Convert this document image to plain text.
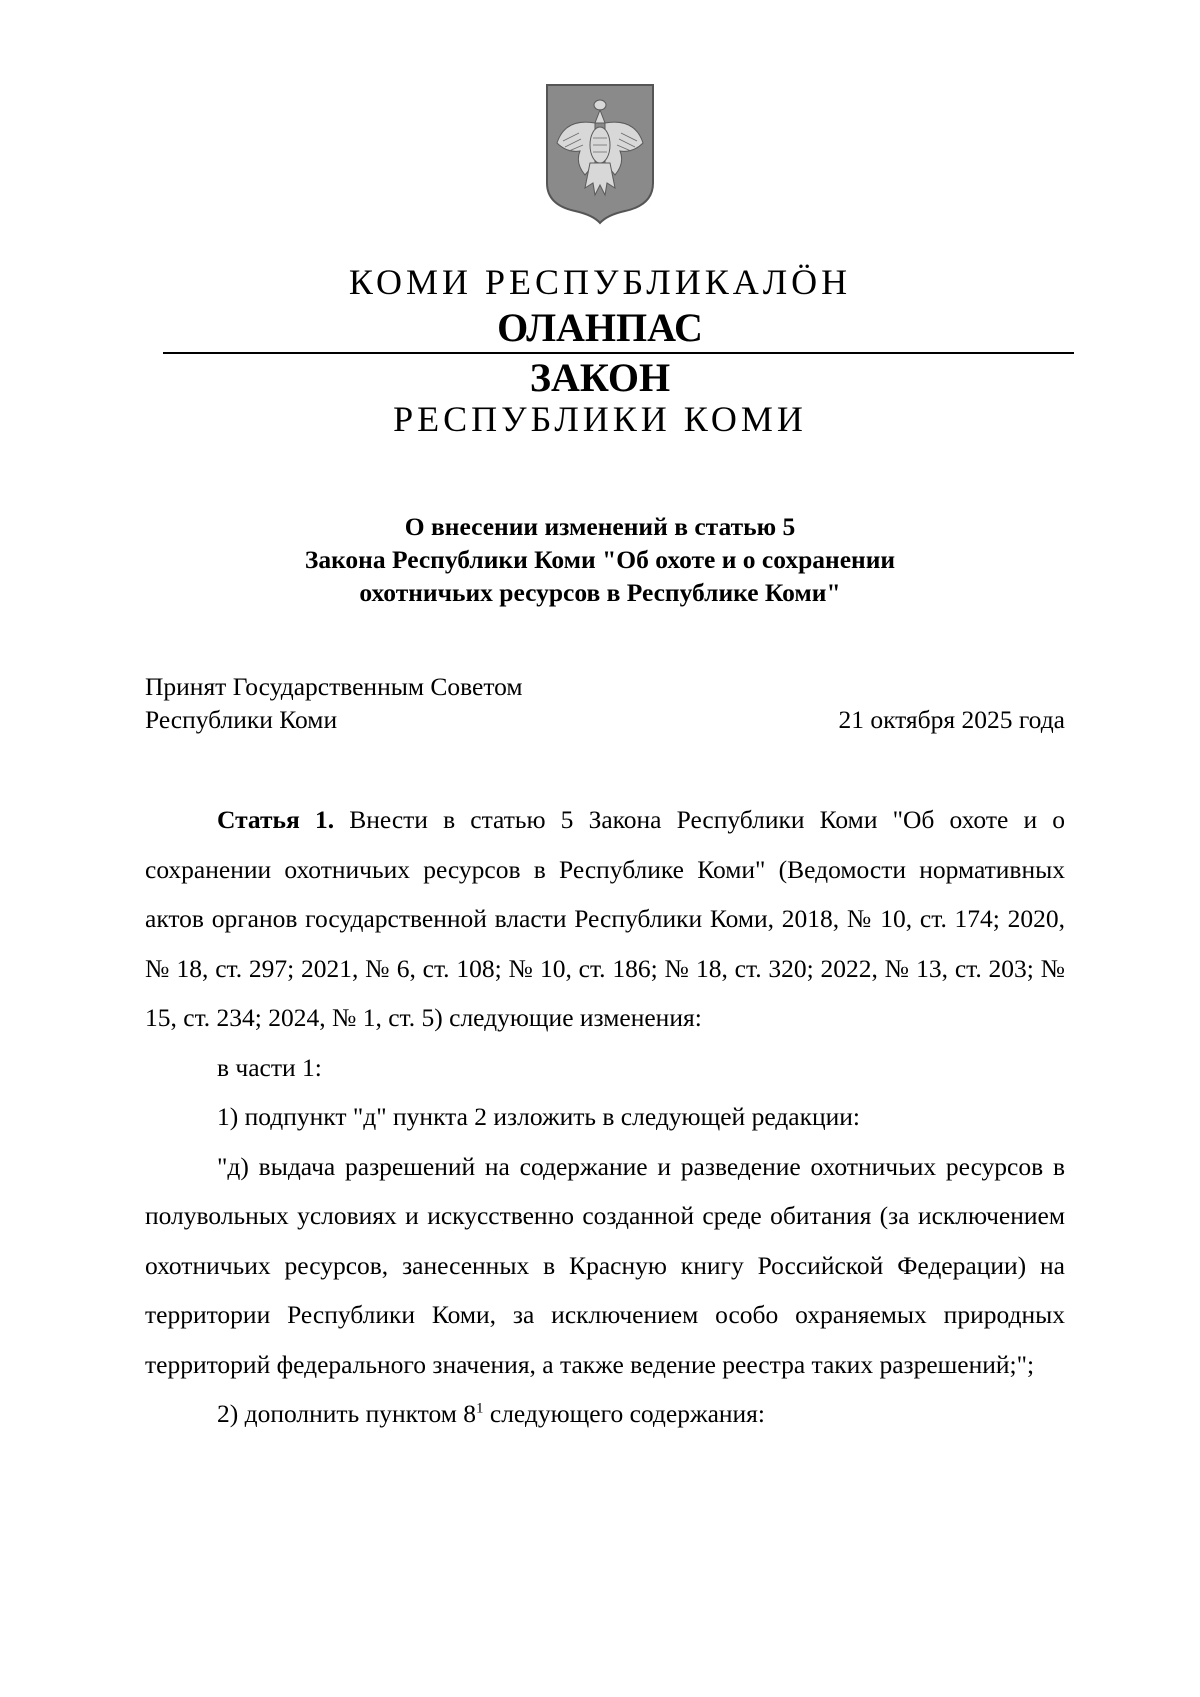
КОМИ РЕСПУБЛИКАЛÖН
ОЛАНПАС
ЗАКОН
РЕСПУБЛИКИ КОМИ
О внесении изменений в статью 5
Закона Республики Коми "Об охоте и о сохранении
охотничьих ресурсов в Республике Коми"
Принят Государственным Советом
Республики Коми	21 октября 2025 года

Статья 1. Внести в статью 5 Закона Республики Коми "Об охоте и о сохранении охотничьих ресурсов в Республике Коми" (Ведомости нормативных актов органов государственной власти Республики Коми, 2018, № 10, ст. 174; 2020, № 18, ст. 297; 2021, № 6, ст. 108; № 10, ст. 186; № 18, ст. 320; 2022, № 13, ст. 203; № 15, ст. 234; 2024, № 1, ст. 5) следующие изменения:

в части 1:

1) подпункт "д" пункта 2 изложить в следующей редакции:

"д) выдача разрешений на содержание и разведение охотничьих ресурсов в полувольных условиях и искусственно созданной среде обитания (за исключением охотничьих ресурсов, занесенных в Красную книгу Российской Федерации) на территории Республики Коми, за исключением особо охраняемых природных территорий федерального значения, а также ведение реестра таких разрешений;";

2) дополнить пунктом $8^1$ следующего содержания:
